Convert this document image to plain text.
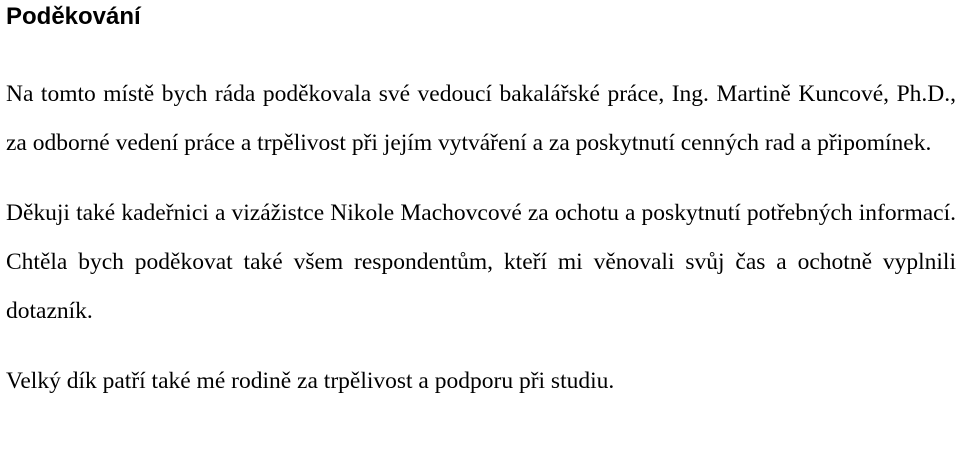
Poděkování

Na tomto místě bych ráda poděkovala své vedoucí bakalářské práce, Ing. Martině Kuncové, Ph.D., za odborné vedení práce a trpělivost při jejím vytváření a za poskytnutí cenných rad a připomínek.

Děkuji také kadeřnici a vizážistce Nikole Machovcové za ochotu a poskytnutí potřebných informací. Chtěla bych poděkovat také všem respondentům, kteří mi věnovali svůj čas a ochotně vyplnili dotazník.

Velký dík patří také mé rodině za trpělivost a podporu při studiu.
